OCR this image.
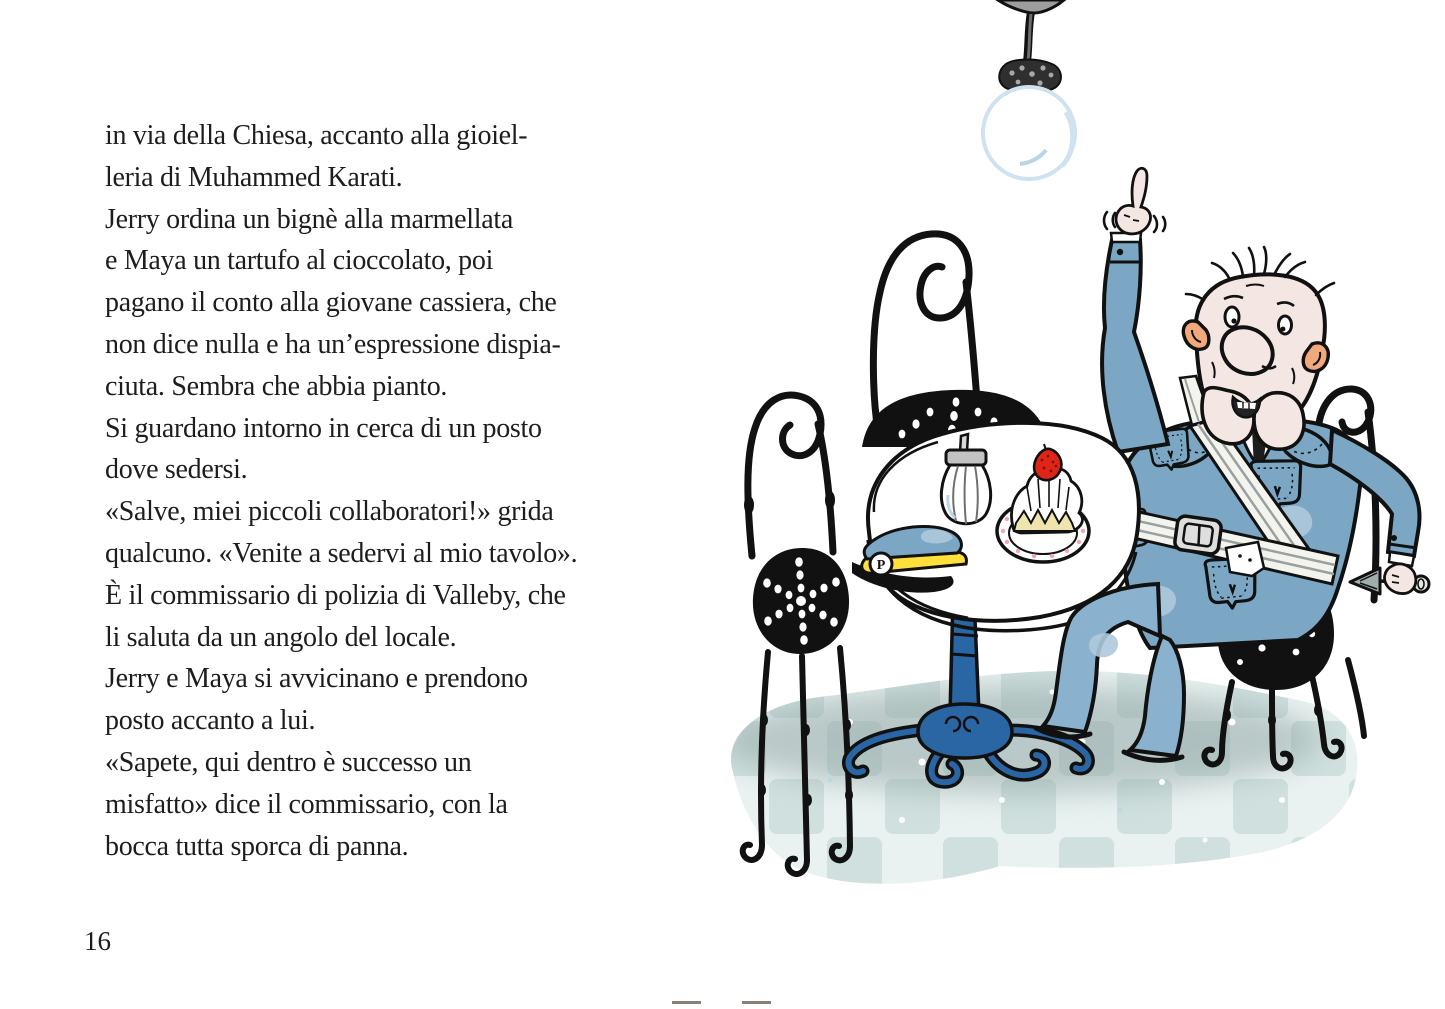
in via della Chiesa, accanto alla gioiel-
leria di Muhammed Karati.
Jerry ordina un bignè alla marmellata
e Maya un tartufo al cioccolato, poi
pagano il conto alla giovane cassiera, che
non dice nulla e ha un’espressione dispia-
ciuta. Sembra che abbia pianto.
Si guardano intorno in cerca di un posto
dove sedersi.
«Salve, miei piccoli collaboratori!» grida
qualcuno. «Venite a sedervi al mio tavolo».
È il commissario di polizia di Valleby, che
li saluta da un angolo del locale.
Jerry e Maya si avvicinano e prendono
posto accanto a lui.
«Sapete, qui dentro è successo un
misfatto» dice il commissario, con la
bocca tutta sporca di panna.
16
P
